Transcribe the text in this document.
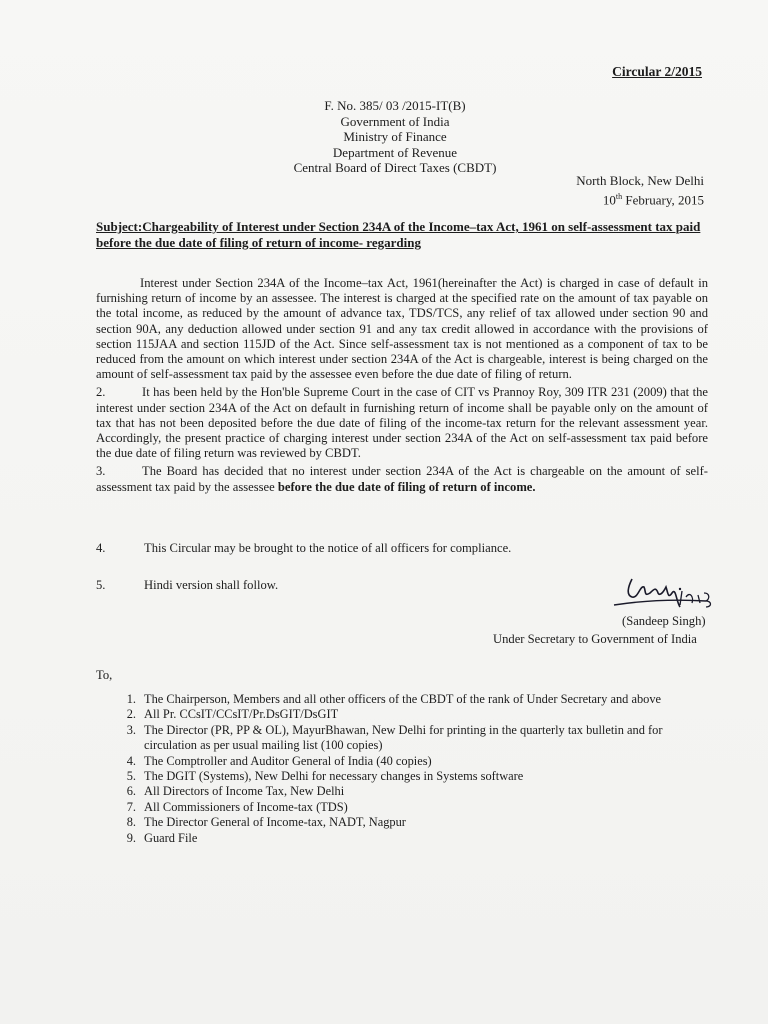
Circular 2/2015
F. No. 385/ 03 /2015-IT(B)
Government of India
Ministry of Finance
Department of Revenue
Central Board of Direct Taxes (CBDT)
North Block, New Delhi
10th February, 2015
Subject:Chargeability of Interest under Section 234A of the Income–tax Act, 1961 on self-assessment tax paid before the due date of filing of return of income- regarding

Interest under Section 234A of the Income–tax Act, 1961(hereinafter the Act) is charged in case of default in furnishing return of income by an assessee. The interest is charged at the specified rate on the amount of tax payable on the total income, as reduced by the amount of advance tax, TDS/TCS, any relief of tax allowed under section 90 and section 90A, any deduction allowed under section 91 and any tax credit allowed in accordance with the provisions of section 115JAA and section 115JD of the Act. Since self-assessment tax is not mentioned as a component of tax to be reduced from the amount on which interest under section 234A of the Act is chargeable, interest is being charged on the amount of self-assessment tax paid by the assessee even before the due date of filing of return.

2.	It has been held by the Hon'ble Supreme Court in the case of CIT vs Prannoy Roy, 309 ITR 231 (2009) that the interest under section 234A of the Act on default in furnishing return of income shall be payable only on the amount of tax that has not been deposited before the due date of filing of the income-tax return for the relevant assessment year. Accordingly, the present practice of charging interest under section 234A of the Act on self-assessment tax paid before the due date of filing return was reviewed by CBDT.

3.	The Board has decided that no interest under section 234A of the Act is chargeable on the amount of self-assessment tax paid by the assessee before the due date of filing of return of income.

4.	This Circular may be brought to the notice of all officers for compliance.
5.	Hindi version shall follow.
(Sandeep Singh)
Under Secretary to Government of India
To,
1. The Chairperson, Members and all other officers of the CBDT of the rank of Under Secretary and above
2. All Pr. CCsIT/CCsIT/Pr.DsGIT/DsGIT
3. The Director (PR, PP & OL), MayurBhawan, New Delhi for printing in the quarterly tax bulletin and for circulation as per usual mailing list (100 copies)
4. The Comptroller and Auditor General of India (40 copies)
5. The DGIT (Systems), New Delhi for necessary changes in Systems software
6. All Directors of Income Tax, New Delhi
7. All Commissioners of Income-tax (TDS)
8. The Director General of Income-tax, NADT, Nagpur
9. Guard File
